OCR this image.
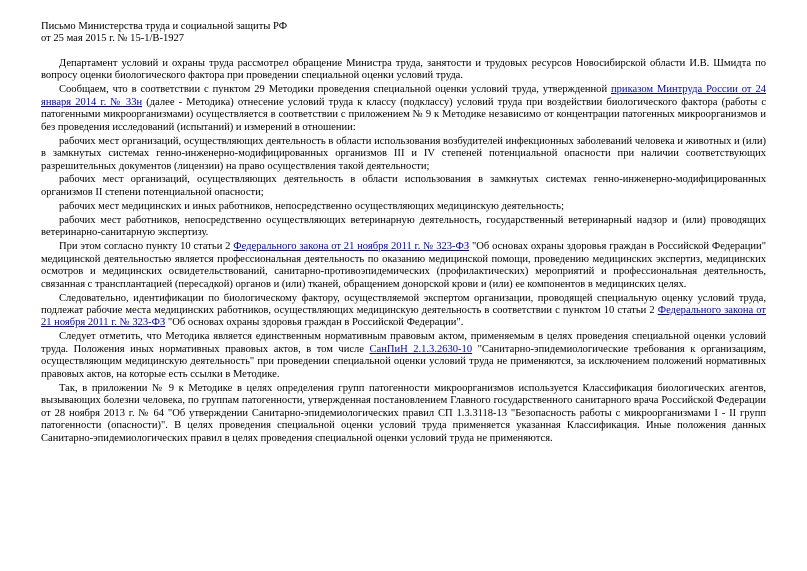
Письмо Министерства труда и социальной защиты РФ
от 25 мая 2015 г. № 15-1/В-1927

Департамент условий и охраны труда рассмотрел обращение Министра труда, занятости и трудовых ресурсов Новосибирской области И.В. Шмидта по вопросу оценки биологического фактора при проведении специальной оценки условий труда.

Сообщаем, что в соответствии с пунктом 29 Методики проведения специальной оценки условий труда, утвержденной приказом Минтруда России от 24 января 2014 г. № 33н (далее - Методика) отнесение условий труда к классу (подклассу) условий труда при воздействии биологического фактора (работы с патогенными микроорганизмами) осуществляется в соответствии с приложением № 9 к Методике независимо от концентрации патогенных микроорганизмов и без проведения исследований (испытаний) и измерений в отношении:

рабочих мест организаций, осуществляющих деятельность в области использования возбудителей инфекционных заболеваний человека и животных и (или) в замкнутых системах генно-инженерно-модифицированных организмов III и IV степеней потенциальной опасности при наличии соответствующих разрешительных документов (лицензии) на право осуществления такой деятельности;

рабочих мест организаций, осуществляющих деятельность в области использования в замкнутых системах генно-инженерно-модифицированных организмов II степени потенциальной опасности;

рабочих мест медицинских и иных работников, непосредственно осуществляющих медицинскую деятельность;

рабочих мест работников, непосредственно осуществляющих ветеринарную деятельность, государственный ветеринарный надзор и (или) проводящих ветеринарно-санитарную экспертизу.

При этом согласно пункту 10 статьи 2 Федерального закона от 21 ноября 2011 г. № 323-ФЗ "Об основах охраны здоровья граждан в Российской Федерации" медицинской деятельностью является профессиональная деятельность по оказанию медицинской помощи, проведению медицинских экспертиз, медицинских осмотров и медицинских освидетельствований, санитарно-противоэпидемических (профилактических) мероприятий и профессиональная деятельность, связанная с трансплантацией (пересадкой) органов и (или) тканей, обращением донорской крови и (или) ее компонентов в медицинских целях.

Следовательно, идентификации по биологическому фактору, осуществляемой экспертом организации, проводящей специальную оценку условий труда, подлежат рабочие места медицинских работников, осуществляющих медицинскую деятельность в соответствии с пунктом 10 статьи 2 Федерального закона от 21 ноября 2011 г. № 323-ФЗ "Об основах охраны здоровья граждан в Российской Федерации".

Следует отметить, что Методика является единственным нормативным правовым актом, применяемым в целях проведения специальной оценки условий труда. Положения иных нормативных правовых актов, в том числе СанПиН 2.1.3.2630-10 "Санитарно-эпидемиологические требования к организациям, осуществляющим медицинскую деятельность" при проведении специальной оценки условий труда не применяются, за исключением положений нормативных правовых актов, на которые есть ссылки в Методике.

Так, в приложении № 9 к Методике в целях определения групп патогенности микроорганизмов используется Классификация биологических агентов, вызывающих болезни человека, по группам патогенности, утвержденная постановлением Главного государственного санитарного врача Российской Федерации от 28 ноября 2013 г. № 64 "Об утверждении Санитарно-эпидемиологических правил СП 1.3.3118-13 "Безопасность работы с микроорганизмами I - II групп патогенности (опасности)". В целях проведения специальной оценки условий труда применяется указанная Классификация. Иные положения данных Санитарно-эпидемиологических правил в целях проведения специальной оценки условий труда не применяются.
